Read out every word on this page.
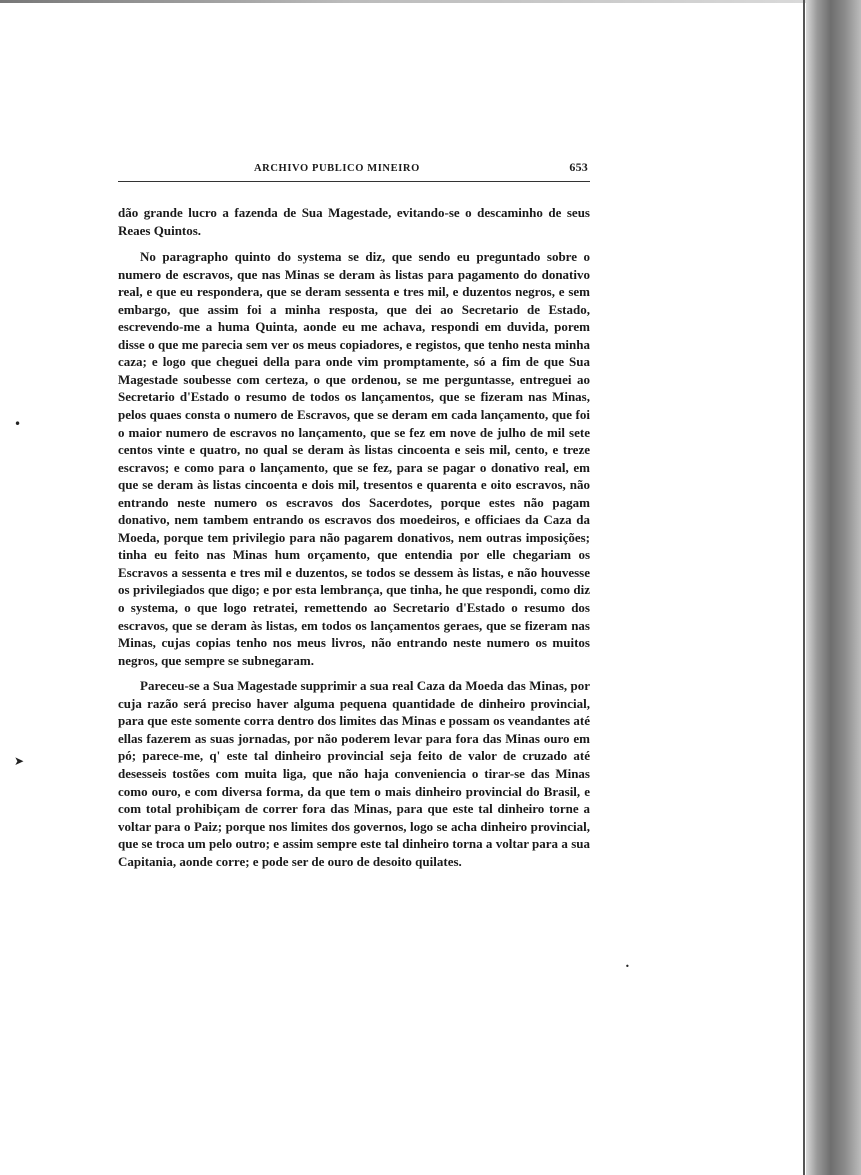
•
➤
•
ARCHIVO PUBLICO MINEIRO	653

dão grande lucro a fazenda de Sua Magestade, evitando-se o descaminho de seus Reaes Quintos.

No paragrapho quinto do systema se diz, que sendo eu preguntado sobre o numero de escravos, que nas Minas se deram às listas para pagamento do donativo real, e que eu respondera, que se deram sessenta e tres mil, e duzentos negros, e sem embargo, que assim foi a minha resposta, que dei ao Secretario de Estado, escrevendo-me a huma Quinta, aonde eu me achava, respondi em duvida, porem disse o que me parecia sem ver os meus copiadores, e registos, que tenho nesta minha caza; e logo que cheguei della para onde vim promptamente, só a fim de que Sua Magestade soubesse com certeza, o que ordenou, se me perguntasse, entreguei ao Secretario d'Estado o resumo de todos os lançamentos, que se fizeram nas Minas, pelos quaes consta o numero de Escravos, que se deram em cada lançamento, que foi o maior numero de escravos no lançamento, que se fez em nove de julho de mil sete centos vinte e quatro, no qual se deram às listas cincoenta e seis mil, cento, e treze escravos; e como para o lançamento, que se fez, para se pagar o donativo real, em que se deram às listas cincoenta e dois mil, tresentos e quarenta e oito escravos, não entrando neste numero os escravos dos Sacerdotes, porque estes não pagam donativo, nem tambem entrando os escravos dos moedeiros, e officiaes da Caza da Moeda, porque tem privilegio para não pagarem donativos, nem outras imposições; tinha eu feito nas Minas hum orçamento, que entendia por elle chegariam os Escravos a sessenta e tres mil e duzentos, se todos se dessem às listas, e não houvesse os privilegiados que digo; e por esta lembrança, que tinha, he que respondi, como diz o systema, o que logo retratei, remettendo ao Secretario d'Estado o resumo dos escravos, que se deram às listas, em todos os lançamentos geraes, que se fizeram nas Minas, cujas copias tenho nos meus livros, não entrando neste numero os muitos negros, que sempre se subnegaram.

Pareceu-se a Sua Magestade supprimir a sua real Caza da Moeda das Minas, por cuja razão será preciso haver alguma pequena quantidade de dinheiro provincial, para que este somente corra dentro dos limites das Minas e possam os veandantes até ellas fazerem as suas jornadas, por não poderem levar para fora das Minas ouro em pó; parece-me, q' este tal dinheiro provincial seja feito de valor de cruzado até desesseis tostões com muita liga, que não haja conveniencia o tirar-se das Minas como ouro, e com diversa forma, da que tem o mais dinheiro provincial do Brasil, e com total prohibiçam de correr fora das Minas, para que este tal dinheiro torne a voltar para o Paiz; porque nos limites dos governos, logo se acha dinheiro provincial, que se troca um pelo outro; e assim sempre este tal dinheiro torna a voltar para a sua Capitania, aonde corre; e pode ser de ouro de desoito quilates.
